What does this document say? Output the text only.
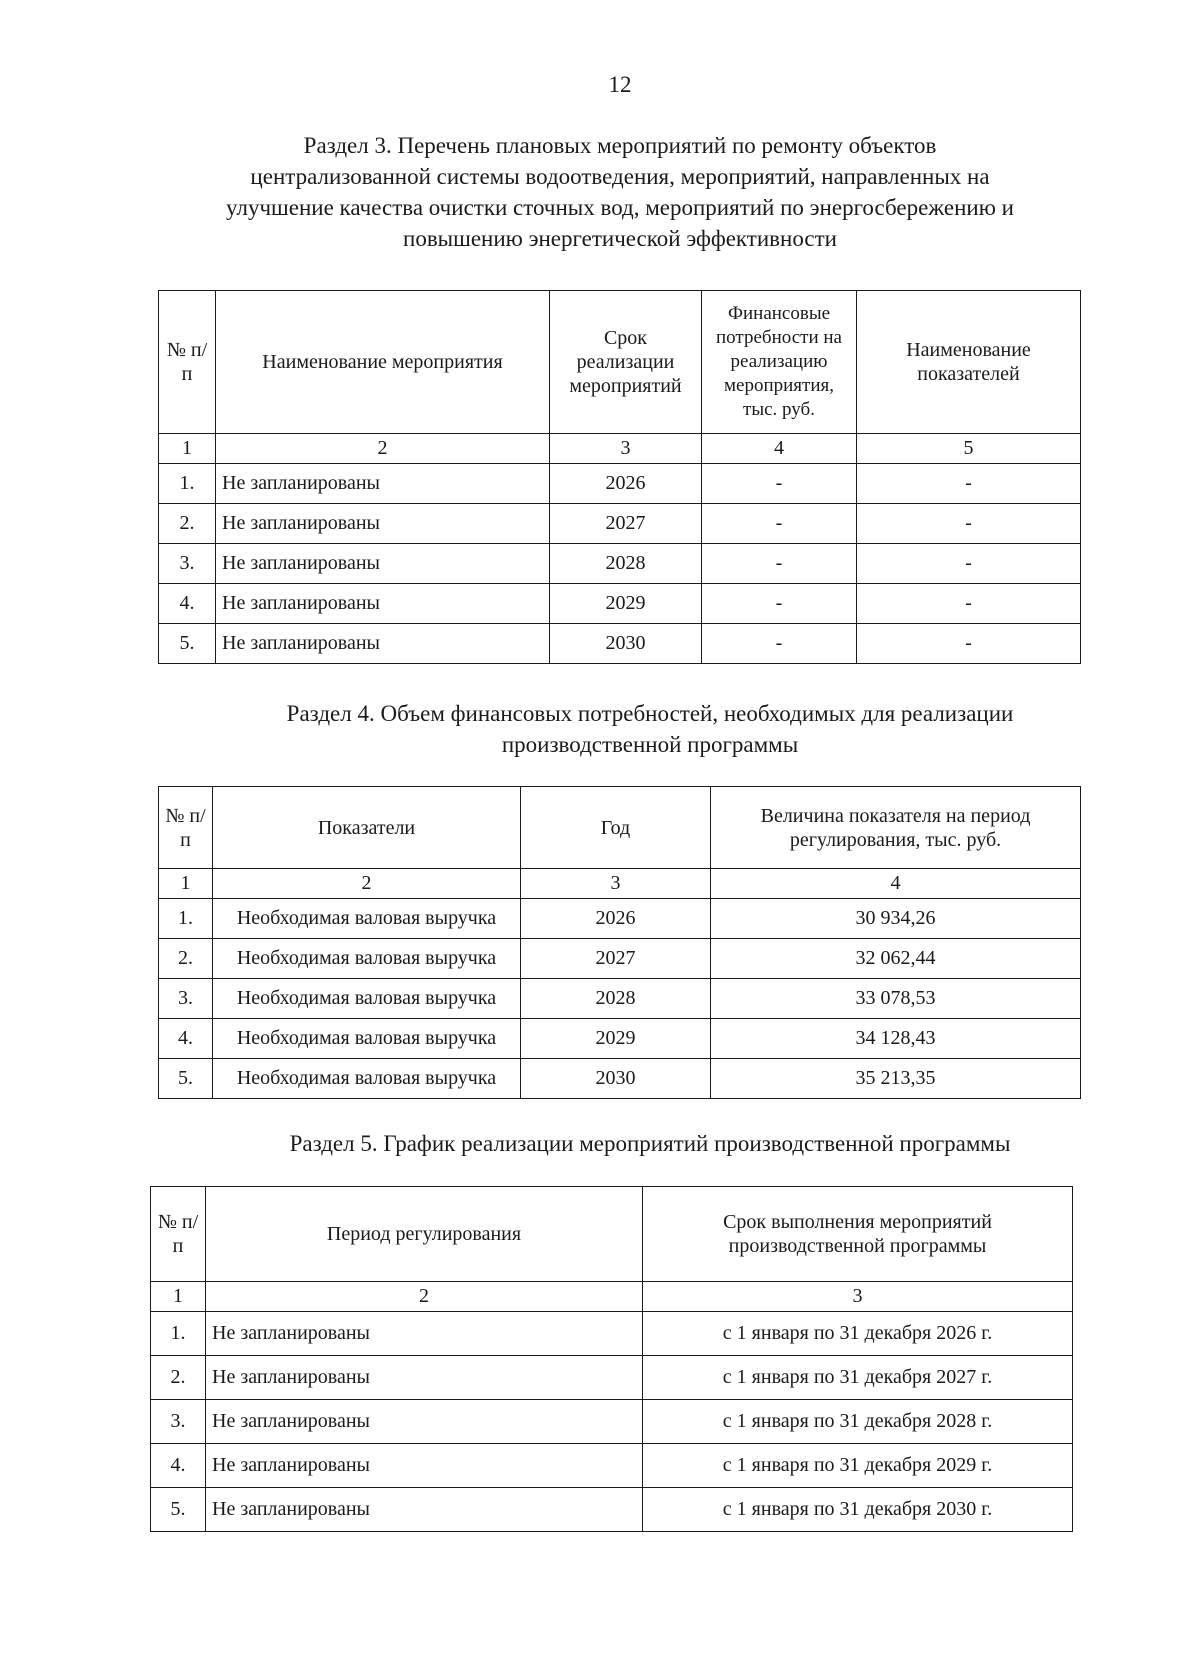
12
Раздел 3. Перечень плановых мероприятий по ремонту объектов
централизованной системы водоотведения, мероприятий, направленных на
улучшение качества очистки сточных вод, мероприятий по энергосбережению и
повышению энергетической эффективности
№ п/п	Наименование мероприятия	Срок реализации мероприятий	Финансовые потребности на реализацию мероприятия, тыс. руб.	Наименование показателей
1	2	3	4	5
1.	Не запланированы	2026	-	-
2.	Не запланированы	2027	-	-
3.	Не запланированы	2028	-	-
4.	Не запланированы	2029	-	-
5.	Не запланированы	2030	-	-
Раздел 4. Объем финансовых потребностей, необходимых для реализации
производственной программы
№ п/п	Показатели	Год	Величина показателя на период регулирования, тыс. руб.
1	2	3	4
1.	Необходимая валовая выручка	2026	30 934,26
2.	Необходимая валовая выручка	2027	32 062,44
3.	Необходимая валовая выручка	2028	33 078,53
4.	Необходимая валовая выручка	2029	34 128,43
5.	Необходимая валовая выручка	2030	35 213,35
Раздел 5. График реализации мероприятий производственной программы
№ п/п	Период регулирования	Срок выполнения мероприятий производственной программы
1	2	3
1.	Не запланированы	с 1 января по 31 декабря 2026 г.
2.	Не запланированы	с 1 января по 31 декабря 2027 г.
3.	Не запланированы	с 1 января по 31 декабря 2028 г.
4.	Не запланированы	с 1 января по 31 декабря 2029 г.
5.	Не запланированы	с 1 января по 31 декабря 2030 г.
